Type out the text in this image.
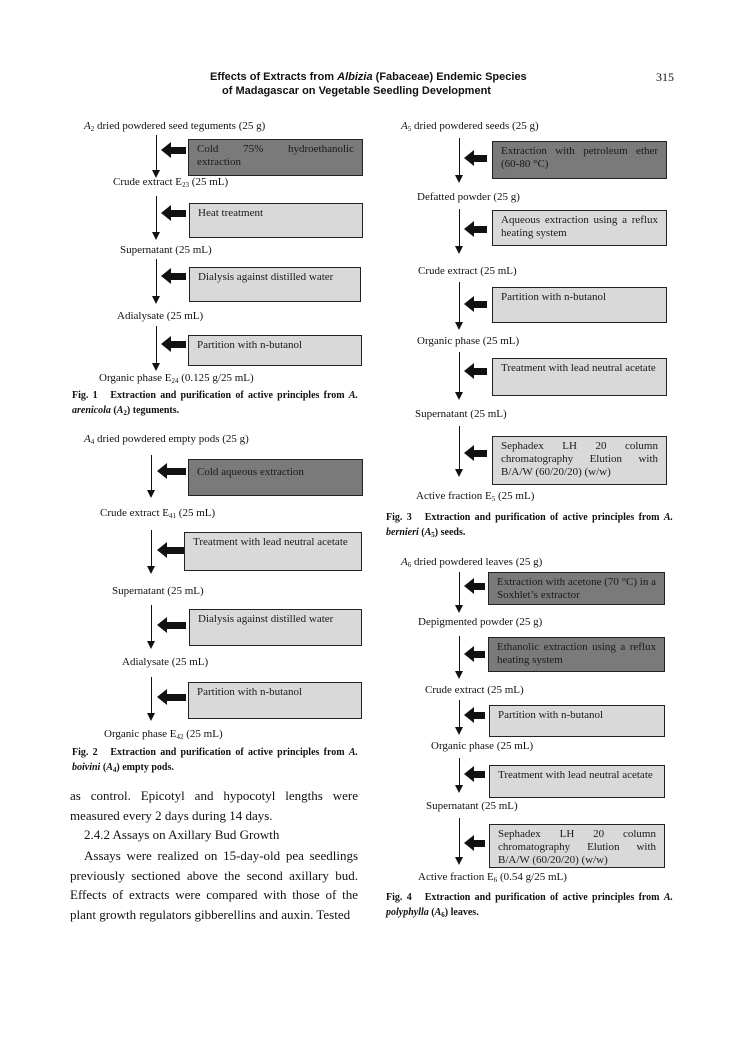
Effects of Extracts from Albizia (Fabaceae) Endemic Species
of Madagascar on Vegetable Seedling Development
315
$A_2$ dried powdered seed teguments (25 g)
Cold 75% hydroethanolic extraction
Crude extract $E_{23}$ (25 mL)
Heat treatment
Supernatant (25 mL)
Dialysis against distilled water
Adialysate (25 mL)
Partition with n-butanol
Organic phase $E_{24}$ (0.125 g/25 mL)
Fig. 1 Extraction and purification of active principles from A. arenicola $(A_2)$ teguments.
$A_4$ dried powdered empty pods (25 g)
Cold aqueous extraction
Crude extract $E_{41}$ (25 mL)
Treatment with lead neutral acetate
Supernatant (25 mL)
Dialysis against distilled water
Adialysate (25 mL)
Partition with n-butanol
Organic phase $E_{42}$ (25 mL)
Fig. 2 Extraction and purification of active principles from A. boivini $(A_4)$ empty pods.
as control. Epicotyl and hypocotyl lengths were measured every 2 days during 14 days.
2.4.2 Assays on Axillary Bud Growth
Assays were realized on 15-day-old pea seedlings previously sectioned above the second axillary bud. Effects of extracts were compared with those of the plant growth regulators gibberellins and auxin. Tested
$A_5$ dried powdered seeds (25 g)
Extraction with petroleum ether (60-80 °C)
Defatted powder (25 g)
Aqueous extraction using a reflux heating system
Crude extract (25 mL)
Partition with n-butanol
Organic phase (25 mL)
Treatment with lead neutral acetate
Supernatant (25 mL)
Sephadex LH 20 column chromatography Elution with B/A/W (60/20/20) (w/w)
Active fraction $E_5$ (25 mL)
Fig. 3 Extraction and purification of active principles from A. bernieri $(A_5)$ seeds.
$A_6$ dried powdered leaves (25 g)
Extraction with acetone (70 °C) in a Soxhlet’s extractor
Depigmented powder (25 g)
Ethanolic extraction using a reflux heating system
Crude extract (25 mL)
Partition with n-butanol
Organic phase (25 mL)
Treatment with lead neutral acetate
Supernatant (25 mL)
Sephadex LH 20 column chromatography Elution with B/A/W (60/20/20) (w/w)
Active fraction $E_6$ (0.54 g/25 mL)
Fig. 4 Extraction and purification of active principles from A. polyphylla $(A_6)$ leaves.
